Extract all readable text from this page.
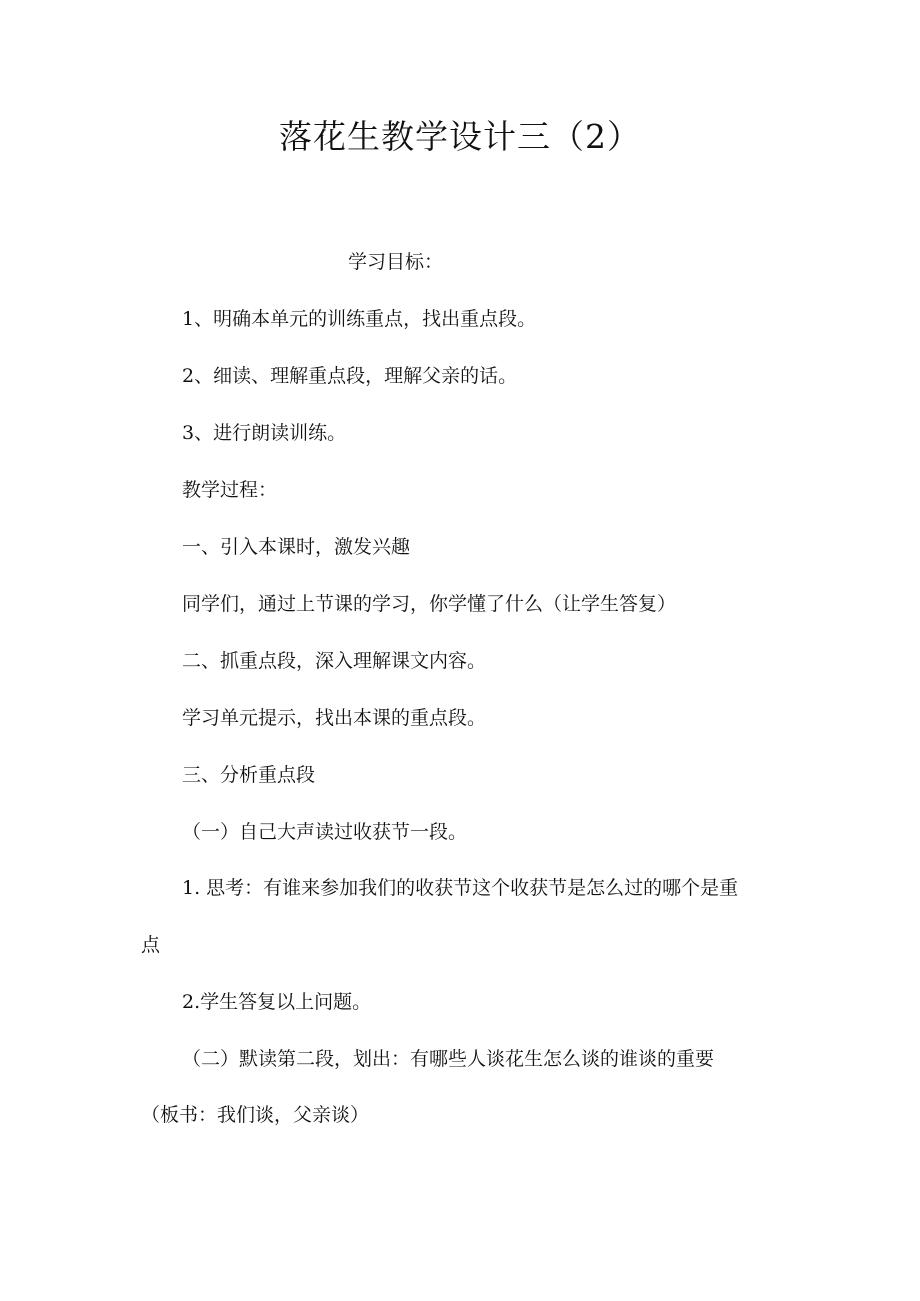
落花生教学设计三（2）
学习目标：
1、明确本单元的训练重点，找出重点段。
2、细读、理解重点段，理解父亲的话。
3、进行朗读训练。
教学过程：
一、引入本课时，激发兴趣
同学们，通过上节课的学习，你学懂了什么（让学生答复）
二、抓重点段，深入理解课文内容。
学习单元提示，找出本课的重点段。
三、分析重点段
（一）自己大声读过收获节一段。
1. 思考：有谁来参加我们的收获节这个收获节是怎么过的哪个是重
点
2.学生答复以上问题。
（二）默读第二段，划出：有哪些人谈花生怎么谈的谁谈的重要
（板书：我们谈，父亲谈）
